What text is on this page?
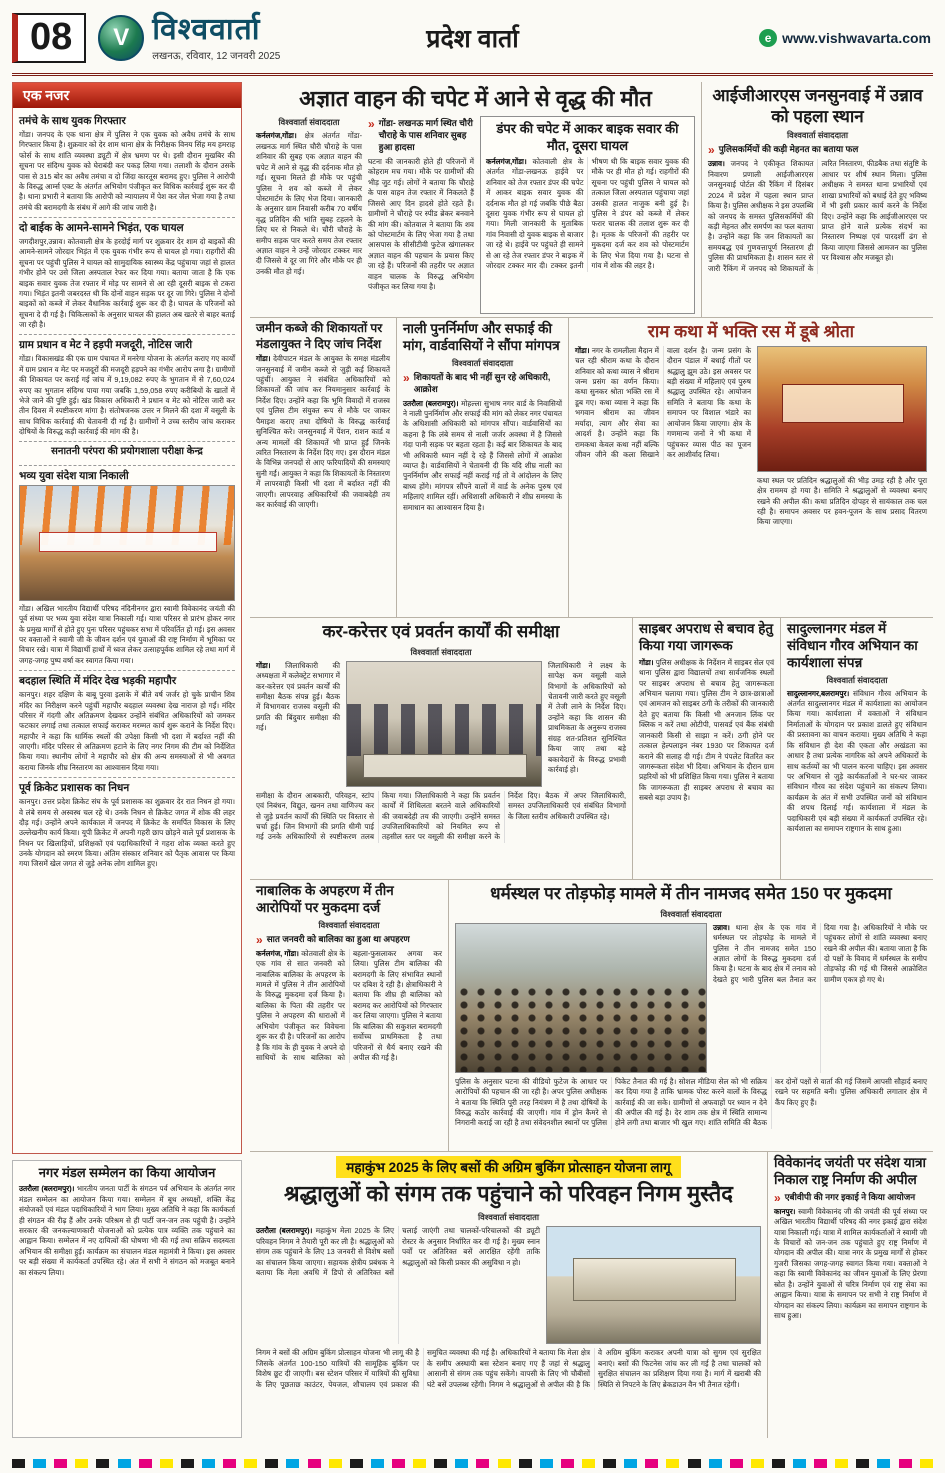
08	V विश्ववार्ता
लखनऊ, रविवार, 12 जनवरी 2025
प्रदेश वार्ता	e www.vishwavarta.com
एक नजर
तमंचे के साथ युवक गिरफ्तार

गोंडा। जनपद के एक थाना क्षेत्र में पुलिस ने एक युवक को अवैध तमंचे के साथ गिरफ्तार किया है। शुक्रवार को देर शाम थाना क्षेत्र के निरीक्षक विनय सिंह मय हमराह फोर्स के साथ शांति व्यवस्था ड्यूटी में क्षेत्र भ्रमण पर थे। इसी दौरान मुखबिर की सूचना पर संदिग्ध युवक को घेराबंदी कर पकड़ लिया गया। तलाशी के दौरान उसके पास से 315 बोर का अवैध तमंचा व दो जिंदा कारतूस बरामद हुए। पुलिस ने आरोपी के विरुद्ध आर्म्स एक्ट के अंतर्गत अभियोग पंजीकृत कर विधिक कार्रवाई शुरू कर दी है। थाना प्रभारी ने बताया कि आरोपी को न्यायालय में पेश कर जेल भेजा गया है तथा तमंचे की बरामदगी के संबंध में आगे की जांच जारी है।

दो बाईक के आमने-सामने भिड़ंत, एक घायल

जगदीशपुर,उन्नाव। कोतवाली क्षेत्र के हरदोई मार्ग पर शुक्रवार देर शाम दो बाइकों की आमने-सामने जोरदार भिड़ंत में एक युवक गंभीर रूप से घायल हो गया। राहगीरों की सूचना पर पहुंची पुलिस ने घायल को सामुदायिक स्वास्थ्य केंद्र पहुंचाया जहां से हालत गंभीर होने पर उसे जिला अस्पताल रेफर कर दिया गया। बताया जाता है कि एक बाइक सवार युवक तेज रफ्तार में मोड़ पर सामने से आ रही दूसरी बाइक से टकरा गया। भिड़ंत इतनी जबरदस्त थी कि दोनों वाहन सड़क पर दूर जा गिरे। पुलिस ने दोनों बाइकों को कब्जे में लेकर वैधानिक कार्रवाई शुरू कर दी है। घायल के परिजनों को सूचना दे दी गई है। चिकित्सकों के अनुसार घायल की हालत अब खतरे से बाहर बताई जा रही है।

ग्राम प्रधान व मेट ने हड़पी मजदूरी, नोटिस जारी

गोंडा। विकासखंड की एक ग्राम पंचायत में मनरेगा योजना के अंतर्गत कराए गए कार्यों में ग्राम प्रधान व मेट पर मजदूरों की मजदूरी हड़पने का गंभीर आरोप लगा है। ग्रामीणों की शिकायत पर कराई गई जांच में 9,19,082 रुपए के भुगतान में से 7,60,024 रुपए का भुगतान संदिग्ध पाया गया जबकि 1,59,058 रुपए करीबियों के खातों में भेजे जाने की पुष्टि हुई। खंड विकास अधिकारी ने प्रधान व मेट को नोटिस जारी कर तीन दिवस में स्पष्टीकरण मांगा है। संतोषजनक उत्तर न मिलने की दशा में वसूली के साथ विधिक कार्रवाई की चेतावनी दी गई है। ग्रामीणों ने उच्च स्तरीय जांच कराकर दोषियों के विरुद्ध कड़ी कार्रवाई की मांग की है।

सनातनी परंपरा की प्रयोगशाला परीक्षा केन्द्र
भव्य युवा संदेश यात्रा निकाली

गोंडा। अखिल भारतीय विद्यार्थी परिषद नंदिनीनगर द्वारा स्वामी विवेकानंद जयंती की पूर्व संध्या पर भव्य युवा संदेश यात्रा निकाली गई। यात्रा परिसर से प्रारंभ होकर नगर के प्रमुख मार्गों से होते हुए पुनः परिसर पहुंचकर सभा में परिवर्तित हो गई। इस अवसर पर वक्ताओं ने स्वामी जी के जीवन दर्शन एवं युवाओं की राष्ट्र निर्माण में भूमिका पर विचार रखे। यात्रा में विद्यार्थी हाथों में ध्वज लेकर उत्साहपूर्वक शामिल रहे तथा मार्ग में जगह-जगह पुष्प वर्षा कर स्वागत किया गया।

बदहाल स्थिति में मंदिर देख भड़की महापौर

कानपुर। शहर दक्षिण के बाबू पुरवा इलाके में बीते वर्ष जर्जर हो चुके प्राचीन शिव मंदिर का निरीक्षण करने पहुंचीं महापौर बदहाल व्यवस्था देख नाराज हो गईं। मंदिर परिसर में गंदगी और अतिक्रमण देखकर उन्होंने संबंधित अधिकारियों को जमकर फटकार लगाई तथा तत्काल सफाई कराकर मरम्मत कार्य शुरू कराने के निर्देश दिए। महापौर ने कहा कि धार्मिक स्थलों की उपेक्षा किसी भी दशा में बर्दाश्त नहीं की जाएगी। मंदिर परिसर से अतिक्रमण हटाने के लिए नगर निगम की टीम को निर्देशित किया गया। स्थानीय लोगों ने महापौर को क्षेत्र की अन्य समस्याओं से भी अवगत कराया जिनके शीघ्र निस्तारण का आश्वासन दिया गया।

पूर्व क्रिकेट प्रशासक का निधन

कानपुर। उत्तर प्रदेश क्रिकेट संघ के पूर्व प्रशासक का शुक्रवार देर रात निधन हो गया। वे लंबे समय से अस्वस्थ चल रहे थे। उनके निधन से क्रिकेट जगत में शोक की लहर दौड़ गई। उन्होंने अपने कार्यकाल में जनपद में क्रिकेट के समर्पित विकास के लिए उल्लेखनीय कार्य किया। यूपी क्रिकेट में अपनी गहरी छाप छोड़ने वाले पूर्व प्रशासक के निधन पर खिलाड़ियों, प्रशिक्षकों एवं पदाधिकारियों ने गहरा शोक व्यक्त करते हुए उनके योगदान को स्मरण किया। अंतिम संस्कार शनिवार को पैतृक आवास पर किया गया जिसमें खेल जगत से जुड़े अनेक लोग शामिल हुए।

नगर मंडल सम्मेलन का किया आयोजन

उतरौला (बलरामपुर)। भारतीय जनता पार्टी के संगठन पर्व अभियान के अंतर्गत नगर मंडल सम्मेलन का आयोजन किया गया। सम्मेलन में बूथ अध्यक्षों, शक्ति केंद्र संयोजकों एवं मंडल पदाधिकारियों ने भाग लिया। मुख्य अतिथि ने कहा कि कार्यकर्ता ही संगठन की रीढ़ हैं और उनके परिश्रम से ही पार्टी जन-जन तक पहुंची है। उन्होंने सरकार की जनकल्याणकारी योजनाओं को प्रत्येक पात्र व्यक्ति तक पहुंचाने का आह्वान किया। सम्मेलन में नए दायित्वों की घोषणा भी की गई तथा सक्रिय सदस्यता अभियान की समीक्षा हुई। कार्यक्रम का संचालन मंडल महामंत्री ने किया। इस अवसर पर बड़ी संख्या में कार्यकर्ता उपस्थित रहे। अंत में सभी ने संगठन को मजबूत बनाने का संकल्प लिया।

अज्ञात वाहन की चपेट में आने से वृद्ध की मौत
विश्ववार्ता संवाददाता

कर्नलगंज,गोंडा। क्षेत्र अंतर्गत गोंडा-लखनऊ मार्ग स्थित चौरी चौराहे के पास शनिवार की सुबह एक अज्ञात वाहन की चपेट में आने से वृद्ध की दर्दनाक मौत हो गई। सूचना मिलते ही मौके पर पहुंची पुलिस ने शव को कब्जे में लेकर पोस्टमार्टम के लिए भेज दिया। जानकारी के अनुसार ग्राम निवासी करीब 70 वर्षीय वृद्ध प्रतिदिन की भांति सुबह टहलने के लिए घर से निकले थे। चौरी चौराहे के समीप सड़क पार करते समय तेज रफ्तार अज्ञात वाहन ने उन्हें जोरदार टक्कर मार दी जिससे वे दूर जा गिरे और मौके पर ही उनकी मौत हो गई।

» गोंडा- लखनऊ मार्ग स्थित चौरी चौराहे के पास शनिवार सुबह हुआ हादसा

घटना की जानकारी होते ही परिजनों में कोहराम मच गया। मौके पर ग्रामीणों की भीड़ जुट गई। लोगों ने बताया कि चौराहे के पास वाहन तेज रफ्तार में निकलते हैं जिससे आए दिन हादसे होते रहते हैं। ग्रामीणों ने चौराहे पर स्पीड ब्रेकर बनवाने की मांग की। कोतवाल ने बताया कि शव को पोस्टमार्टम के लिए भेजा गया है तथा आसपास के सीसीटीवी फुटेज खंगालकर अज्ञात वाहन की पहचान के प्रयास किए जा रहे हैं। परिजनों की तहरीर पर अज्ञात वाहन चालक के विरुद्ध अभियोग पंजीकृत कर लिया गया है।

डंपर की चपेट में आकर बाइक सवार की मौत, दूसरा घायल

कर्नलगंज,गोंडा। कोतवाली क्षेत्र के अंतर्गत गोंडा-लखनऊ हाईवे पर शनिवार को तेज रफ्तार डंपर की चपेट में आकर बाइक सवार युवक की दर्दनाक मौत हो गई जबकि पीछे बैठा दूसरा युवक गंभीर रूप से घायल हो गया। मिली जानकारी के मुताबिक गांव निवासी दो युवक बाइक से बाजार जा रहे थे। हाईवे पर पहुंचते ही सामने से आ रहे तेज रफ्तार डंपर ने बाइक में जोरदार टक्कर मार दी। टक्कर इतनी भीषण थी कि बाइक सवार युवक की मौके पर ही मौत हो गई। राहगीरों की सूचना पर पहुंची पुलिस ने घायल को तत्काल जिला अस्पताल पहुंचाया जहां उसकी हालत नाजुक बनी हुई है। पुलिस ने डंपर को कब्जे में लेकर फरार चालक की तलाश शुरू कर दी है। मृतक के परिजनों की तहरीर पर मुकदमा दर्ज कर शव को पोस्टमार्टम के लिए भेज दिया गया है। घटना से गांव में शोक की लहर है।

आईजीआरएस जनसुनवाई में उन्नाव को पहला स्थान
विश्ववार्ता संवाददाता
» पुलिसकर्मियों की कड़ी मेहनत का बताया फल

उन्नाव। जनपद ने एकीकृत शिकायत निवारण प्रणाली आईजीआरएस जनसुनवाई पोर्टल की रैंकिंग में दिसंबर 2024 में प्रदेश में पहला स्थान प्राप्त किया है। पुलिस अधीक्षक ने इस उपलब्धि को जनपद के समस्त पुलिसकर्मियों की कड़ी मेहनत और समर्पण का फल बताया है। उन्होंने कहा कि जन शिकायतों का समयबद्ध एवं गुणवत्तापूर्ण निस्तारण ही पुलिस की प्राथमिकता है। शासन स्तर से जारी रैंकिंग में जनपद को शिकायतों के त्वरित निस्तारण, फीडबैक तथा संतुष्टि के आधार पर शीर्ष स्थान मिला। पुलिस अधीक्षक ने समस्त थाना प्रभारियों एवं शाखा प्रभारियों को बधाई देते हुए भविष्य में भी इसी प्रकार कार्य करने के निर्देश दिए। उन्होंने कहा कि आईजीआरएस पर प्राप्त होने वाले प्रत्येक संदर्भ का निस्तारण निष्पक्ष एवं पारदर्शी ढंग से किया जाएगा जिससे आमजन का पुलिस पर विश्वास और मजबूत हो।

जमीन कब्जे की शिकायतों पर मंडलायुक्त ने दिए जांच निर्देश

गोंडा। देवीपाटन मंडल के आयुक्त के समक्ष मंडलीय जनसुनवाई में जमीन कब्जे से जुड़ी कई शिकायतें पहुंचीं। आयुक्त ने संबंधित अधिकारियों को शिकायतों की जांच कर नियमानुसार कार्रवाई के निर्देश दिए। उन्होंने कहा कि भूमि विवादों में राजस्व एवं पुलिस टीम संयुक्त रूप से मौके पर जाकर पैमाइश कराए तथा दोषियों के विरुद्ध कार्रवाई सुनिश्चित करे। जनसुनवाई में पेंशन, राशन कार्ड व अन्य मामलों की शिकायतें भी प्राप्त हुईं जिनके त्वरित निस्तारण के निर्देश दिए गए। इस दौरान मंडल के विभिन्न जनपदों से आए फरियादियों की समस्याएं सुनी गईं। आयुक्त ने कहा कि शिकायतों के निस्तारण में लापरवाही किसी भी दशा में बर्दाश्त नहीं की जाएगी। लापरवाह अधिकारियों की जवाबदेही तय कर कार्रवाई की जाएगी।

नाली पुनर्निर्माण और सफाई की मांग, वार्डवासियों ने सौंपा मांगपत्र
विश्ववार्ता संवाददाता
» शिकायतों के बाद भी नहीं सुन रहे अधिकारी, आक्रोश

उतरौला (बलरामपुर)। मोहल्ला सुभाष नगर वार्ड के निवासियों ने नाली पुनर्निर्माण और सफाई की मांग को लेकर नगर पंचायत के अधिशासी अधिकारी को मांगपत्र सौंपा। वार्डवासियों का कहना है कि लंबे समय से नाली जर्जर अवस्था में है जिससे गंदा पानी सड़क पर बहता रहता है। कई बार शिकायत के बाद भी अधिकारी ध्यान नहीं दे रहे हैं जिससे लोगों में आक्रोश व्याप्त है। वार्डवासियों ने चेतावनी दी कि यदि शीघ्र नाली का पुनर्निर्माण और सफाई नहीं कराई गई तो वे आंदोलन के लिए बाध्य होंगे। मांगपत्र सौंपने वालों में वार्ड के अनेक पुरुष एवं महिलाएं शामिल रहीं। अधिशासी अधिकारी ने शीघ्र समस्या के समाधान का आश्वासन दिया है।

राम कथा में भक्ति रस में डूबे श्रोता

गोंडा। नगर के रामलीला मैदान में चल रही श्रीराम कथा के दौरान शनिवार को कथा व्यास ने श्रीराम जन्म प्रसंग का वर्णन किया। कथा सुनकर श्रोता भक्ति रस में डूब गए। कथा व्यास ने कहा कि भगवान श्रीराम का जीवन मर्यादा, त्याग और सेवा का आदर्श है। उन्होंने कहा कि रामकथा केवल कथा नहीं बल्कि जीवन जीने की कला सिखाने वाला दर्शन है। जन्म प्रसंग के दौरान पंडाल में बधाई गीतों पर श्रद्धालु झूम उठे। इस अवसर पर बड़ी संख्या में महिलाएं एवं पुरुष श्रद्धालु उपस्थित रहे। आयोजन समिति ने बताया कि कथा के समापन पर विशाल भंडारे का आयोजन किया जाएगा। क्षेत्र के गणमान्य जनों ने भी कथा में पहुंचकर व्यास पीठ का पूजन कर आशीर्वाद लिया।

कथा स्थल पर प्रतिदिन श्रद्धालुओं की भीड़ उमड़ रही है और पूरा क्षेत्र राममय हो गया है। समिति ने श्रद्धालुओं से व्यवस्था बनाए रखने की अपील की। कथा प्रतिदिन दोपहर से सायंकाल तक चल रही है। समापन अवसर पर हवन-पूजन के साथ प्रसाद वितरण किया जाएगा।

कर-करेत्तर एवं प्रवर्तन कार्यों की समीक्षा
विश्ववार्ता संवाददाता

गोंडा। जिलाधिकारी की अध्यक्षता में कलेक्ट्रेट सभागार में कर-करेत्तर एवं प्रवर्तन कार्यों की समीक्षा बैठक संपन्न हुई। बैठक में विभागवार राजस्व वसूली की प्रगति की बिंदुवार समीक्षा की गई।

जिलाधिकारी ने लक्ष्य के सापेक्ष कम वसूली वाले विभागों के अधिकारियों को चेतावनी जारी करते हुए वसूली में तेजी लाने के निर्देश दिए। उन्होंने कहा कि शासन की प्राथमिकता के अनुरूप राजस्व संग्रह शत-प्रतिशत सुनिश्चित किया जाए तथा बड़े बकायेदारों के विरुद्ध प्रभावी कार्रवाई हो।

समीक्षा के दौरान आबकारी, परिवहन, स्टांप एवं निबंधन, विद्युत, खनन तथा वाणिज्य कर से जुड़े प्रवर्तन कार्यों की स्थिति पर विस्तार से चर्चा हुई। जिन विभागों की प्रगति धीमी पाई गई उनके अधिकारियों से स्पष्टीकरण तलब किया गया। जिलाधिकारी ने कहा कि प्रवर्तन कार्यों में शिथिलता बरतने वाले अधिकारियों की जवाबदेही तय की जाएगी। उन्होंने समस्त उपजिलाधिकारियों को नियमित रूप से तहसील स्तर पर वसूली की समीक्षा करने के निर्देश दिए। बैठक में अपर जिलाधिकारी, समस्त उपजिलाधिकारी एवं संबंधित विभागों के जिला स्तरीय अधिकारी उपस्थित रहे।

साइबर अपराध से बचाव हेतु किया गया जागरूक

गोंडा। पुलिस अधीक्षक के निर्देशन में साइबर सेल एवं थाना पुलिस द्वारा विद्यालयों तथा सार्वजनिक स्थलों पर साइबर अपराध से बचाव हेतु जागरूकता अभियान चलाया गया। पुलिस टीम ने छात्र-छात्राओं एवं आमजन को साइबर ठगी के तरीकों की जानकारी देते हुए बताया कि किसी भी अनजान लिंक पर क्लिक न करें तथा ओटीपी, पासवर्ड एवं बैंक संबंधी जानकारी किसी से साझा न करें। ठगी होने पर तत्काल हेल्पलाइन नंबर 1930 पर शिकायत दर्ज कराने की सलाह दी गई। टीम ने पंपलेट वितरित कर जागरूकता संदेश भी दिया। अभियान के दौरान ग्राम प्रहरियों को भी प्रशिक्षित किया गया। पुलिस ने बताया कि जागरूकता ही साइबर अपराध से बचाव का सबसे बड़ा उपाय है।

सादुल्लानगर मंडल में संविधान गौरव अभियान का कार्यशाला संपन्न
विश्ववार्ता संवाददाता

सादुल्लानगर,बलरामपुर। संविधान गौरव अभियान के अंतर्गत सादुल्लानगर मंडल में कार्यशाला का आयोजन किया गया। कार्यशाला में वक्ताओं ने संविधान निर्माताओं के योगदान पर प्रकाश डालते हुए संविधान की प्रस्तावना का वाचन कराया। मुख्य अतिथि ने कहा कि संविधान ही देश की एकता और अखंडता का आधार है तथा प्रत्येक नागरिक को अपने अधिकारों के साथ कर्तव्यों का भी पालन करना चाहिए। इस अवसर पर अभियान से जुड़े कार्यकर्ताओं ने घर-घर जाकर संविधान गौरव का संदेश पहुंचाने का संकल्प लिया। कार्यक्रम के अंत में सभी उपस्थित जनों को संविधान की शपथ दिलाई गई। कार्यशाला में मंडल के पदाधिकारी एवं बड़ी संख्या में कार्यकर्ता उपस्थित रहे। कार्यशाला का समापन राष्ट्रगान के साथ हुआ।

नाबालिक के अपहरण में तीन आरोपियों पर मुकदमा दर्ज
विश्ववार्ता संवाददाता
» सात जनवरी को बालिका का हुआ था अपहरण

कर्नलगंज, गोंडा। कोतवाली क्षेत्र के एक गांव से सात जनवरी को नाबालिक बालिका के अपहरण के मामले में पुलिस ने तीन आरोपियों के विरुद्ध मुकदमा दर्ज किया है। बालिका के पिता की तहरीर पर पुलिस ने अपहरण की धाराओं में अभियोग पंजीकृत कर विवेचना शुरू कर दी है। परिजनों का आरोप है कि गांव के ही युवक ने अपने दो साथियों के साथ बालिका को बहला-फुसलाकर अगवा कर लिया। पुलिस टीम बालिका की बरामदगी के लिए संभावित स्थानों पर दबिश दे रही है। क्षेत्राधिकारी ने बताया कि शीघ्र ही बालिका को बरामद कर आरोपियों को गिरफ्तार कर लिया जाएगा। पुलिस ने बताया कि बालिका की सकुशल बरामदगी सर्वोच्च प्राथमिकता है तथा परिजनों से धैर्य बनाए रखने की अपील की गई है।

धर्मस्थल पर तोड़फोड़ मामले में तीन नामजद समेत 150 पर मुकदमा
विश्ववार्ता संवाददाता

उन्नाव। थाना क्षेत्र के एक गांव में धर्मस्थल पर तोड़फोड़ के मामले में पुलिस ने तीन नामजद समेत 150 अज्ञात लोगों के विरुद्ध मुकदमा दर्ज किया है। घटना के बाद क्षेत्र में तनाव को देखते हुए भारी पुलिस बल तैनात कर दिया गया है। अधिकारियों ने मौके पर पहुंचकर लोगों से शांति व्यवस्था बनाए रखने की अपील की। बताया जाता है कि दो पक्षों के विवाद में धर्मस्थल के समीप तोड़फोड़ की गई थी जिससे आक्रोशित ग्रामीण एकत्र हो गए थे।

पुलिस के अनुसार घटना की वीडियो फुटेज के आधार पर आरोपियों की पहचान की जा रही है। अपर पुलिस अधीक्षक ने बताया कि स्थिति पूरी तरह नियंत्रण में है तथा दोषियों के विरुद्ध कठोर कार्रवाई की जाएगी। गांव में ड्रोन कैमरे से निगरानी कराई जा रही है तथा संवेदनशील स्थानों पर पुलिस पिकेट तैनात की गई है। सोशल मीडिया सेल को भी सक्रिय कर दिया गया है ताकि भ्रामक पोस्ट करने वालों के विरुद्ध कार्रवाई की जा सके। ग्रामीणों से अफवाहों पर ध्यान न देने की अपील की गई है। देर शाम तक क्षेत्र में स्थिति सामान्य होने लगी तथा बाजार भी खुल गए। शांति समिति की बैठक कर दोनों पक्षों से वार्ता की गई जिसमें आपसी सौहार्द बनाए रखने पर सहमति बनी। पुलिस अधिकारी लगातार क्षेत्र में कैंप किए हुए हैं।

महाकुंभ 2025 के लिए बसों की अग्रिम बुकिंग प्रोत्साहन योजना लागू
श्रद्धालुओं को संगम तक पहुंचाने को परिवहन निगम मुस्तैद
विश्ववार्ता संवाददाता

उतरौला (बलरामपुर)। महाकुंभ मेला 2025 के लिए परिवहन निगम ने तैयारी पूरी कर ली है। श्रद्धालुओं को संगम तक पहुंचाने के लिए 13 जनवरी से विशेष बसों का संचालन किया जाएगा। सहायक क्षेत्रीय प्रबंधक ने बताया कि मेला अवधि में डिपो से अतिरिक्त बसें चलाई जाएंगी तथा चालकों-परिचालकों की ड्यूटी रोस्टर के अनुसार निर्धारित कर दी गई है। मुख्य स्नान पर्वों पर अतिरिक्त बसें आरक्षित रहेंगी ताकि श्रद्धालुओं को किसी प्रकार की असुविधा न हो।

निगम ने बसों की अग्रिम बुकिंग प्रोत्साहन योजना भी लागू की है जिसके अंतर्गत 100-150 यात्रियों की सामूहिक बुकिंग पर विशेष छूट दी जाएगी। बस स्टेशन परिसर में यात्रियों की सुविधा के लिए पूछताछ काउंटर, पेयजल, शौचालय एवं प्रकाश की समुचित व्यवस्था की गई है। अधिकारियों ने बताया कि मेला क्षेत्र के समीप अस्थायी बस स्टेशन बनाए गए हैं जहां से श्रद्धालु आसानी से संगम तक पहुंच सकेंगे। वापसी के लिए भी चौबीसों घंटे बसें उपलब्ध रहेंगी। निगम ने श्रद्धालुओं से अपील की है कि वे अग्रिम बुकिंग कराकर अपनी यात्रा को सुगम एवं सुरक्षित बनाएं। बसों की फिटनेस जांच कर ली गई है तथा चालकों को सुरक्षित संचालन का प्रशिक्षण दिया गया है। मार्ग में खराबी की स्थिति से निपटने के लिए ब्रेकडाउन वैन भी तैनात रहेगी।

विवेकानंद जयंती पर संदेश यात्रा निकाल राष्ट्र निर्माण की अपील
» एबीवीपी की नगर इकाई ने किया आयोजन

कानपुर। स्वामी विवेकानंद जी की जयंती की पूर्व संध्या पर अखिल भारतीय विद्यार्थी परिषद की नगर इकाई द्वारा संदेश यात्रा निकाली गई। यात्रा में शामिल कार्यकर्ताओं ने स्वामी जी के विचारों को जन-जन तक पहुंचाते हुए राष्ट्र निर्माण में योगदान की अपील की। यात्रा नगर के प्रमुख मार्गों से होकर गुजरी जिसका जगह-जगह स्वागत किया गया। वक्ताओं ने कहा कि स्वामी विवेकानंद का जीवन युवाओं के लिए प्रेरणा स्रोत है। उन्होंने युवाओं से चरित्र निर्माण एवं राष्ट्र सेवा का आह्वान किया। यात्रा के समापन पर सभी ने राष्ट्र निर्माण में योगदान का संकल्प लिया। कार्यक्रम का समापन राष्ट्रगान के साथ हुआ।
